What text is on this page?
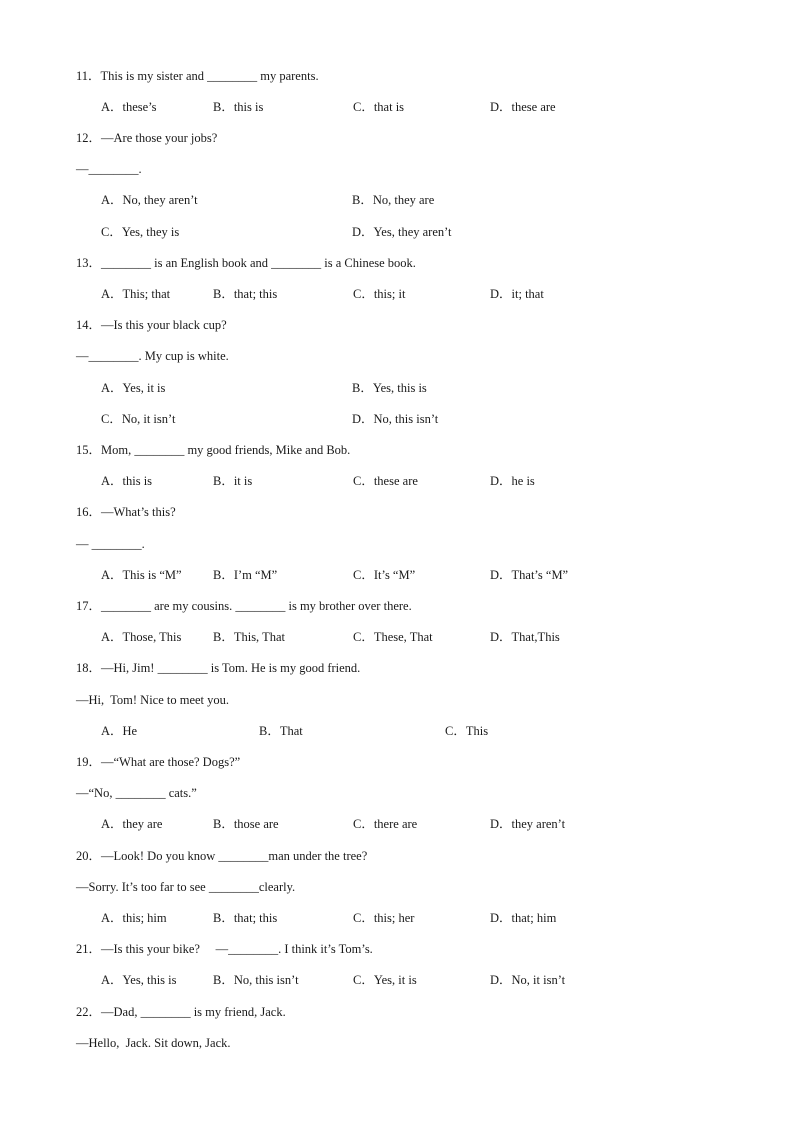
11．This is my sister and ________ my parents.
A．these’s	B．this is	C．that is	D．these are
12．—Are those your jobs?
—________.
A．No, they aren’t	B．No, they are
C．Yes, they is	D．Yes, they aren’t
13．________ is an English book and ________ is a Chinese book.
A．This; that	B．that; this	C．this; it	D．it; that
14．—Is this your black cup?
—________. My cup is white.
A．Yes, it is	B．Yes, this is
C．No, it isn’t	D．No, this isn’t
15．Mom, ________ my good friends, Mike and Bob.
A．this is	B．it is	C．these are	D．he is
16．—What’s this?
— ________.
A．This is “M”	B．I’m “M”	C．It’s “M”	D．That’s “M”
17．________ are my cousins. ________ is my brother over there.
A．Those, This	B．This, That	C．These, That	D．That,This
18．—Hi, Jim! ________ is Tom. He is my good friend.
—Hi,  Tom! Nice to meet you.
A．He	B．That	C．This
19．—“What are those? Dogs?”
—“No, ________ cats.”
A．they are	B．those are	C．there are	D．they aren’t
20．—Look! Do you know ________man under the tree?
—Sorry. It’s too far to see ________clearly.
A．this; him	B．that; this	C．this; her	D．that; him
21．—Is this your bike?     —________. I think it’s Tom’s.
A．Yes, this is	B．No, this isn’t	C．Yes, it is	D．No, it isn’t
22．—Dad, ________ is my friend, Jack.
—Hello,  Jack. Sit down, Jack.
